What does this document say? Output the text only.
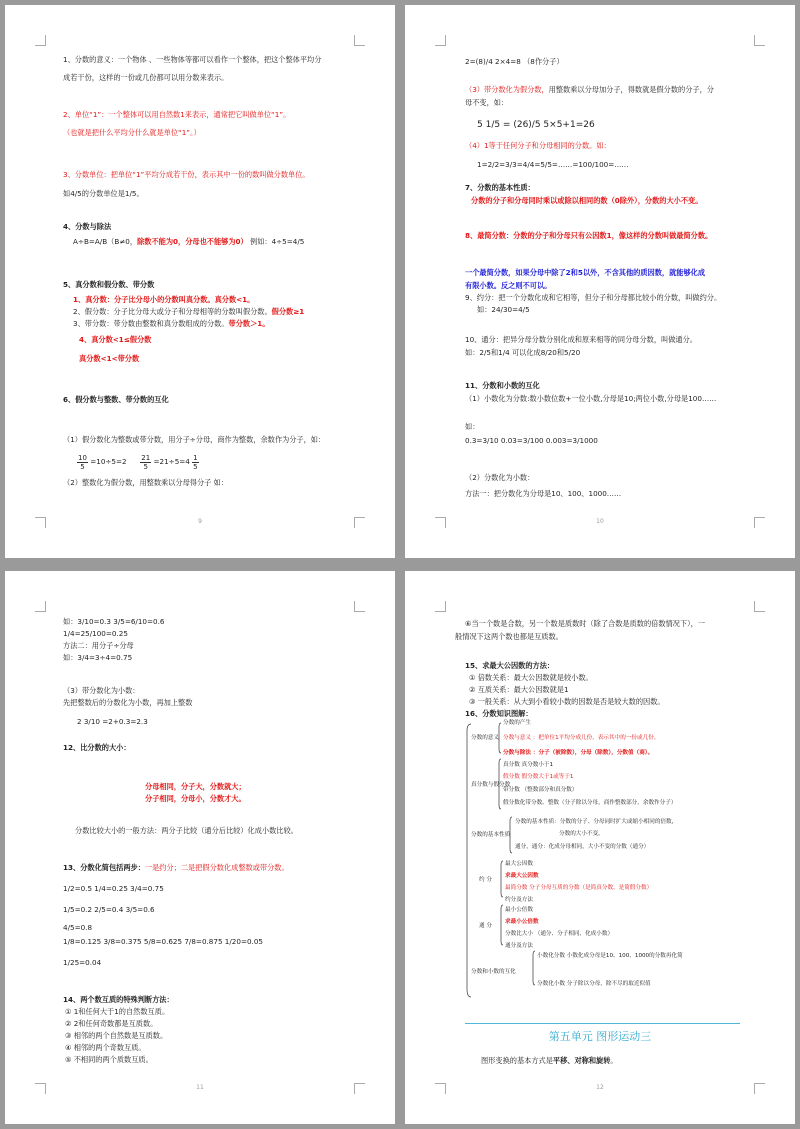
1、分数的意义：一个物体 、一些物体等都可以看作一个整体，把这个整体平均分
成若干份，这样的一份或几份都可以用分数来表示。
2、单位“1”：一个整体可以用自然数1来表示，通常把它叫做单位“1”。
（也就是把什么平均分什么就是单位“1”。）
3、分数单位：把单位“1”平均分成若干份，表示其中一份的数叫做分数单位。
如4/5的分数单位是1/5。
4、分数与除法
A÷B=A/B（B≠0，除数不能为0，分母也不能够为0） 例如：4÷5=4/5
5、真分数和假分数、带分数
1、真分数：分子比分母小的分数叫真分数。真分数<1。
2、假分数：分子比分母大或分子和分母相等的分数叫假分数。假分数≥1
3、带分数：带分数由整数和真分数组成的分数。带分数＞1。
4、真分数<1≤假分数
真分数<1<带分数
6、假分数与整数、带分数的互化
（1）假分数化为整数或带分数，用分子÷分母，商作为整数，余数作为分子，如：
$\frac{10}{5} =10\div 5=2 \frac{21}{5} =21\div 5=4 \frac{1}{5}$
（2）整数化为假分数，用整数乘以分母得分子 如：
9
2=(8)/4 2×4=8 （8作分子）
（3）带分数化为假分数，用整数乘以分母加分子，得数就是假分数的分子，分
母不变，如：
5 1/5 = (26)/5 5×5+1=26
（4）1等于任何分子和分母相同的分数。如：
1=2/2=3/3=4/4=5/5=……=100/100=……
7、分数的基本性质：
分数的分子和分母同时乘以或除以相同的数（0除外），分数的大小不变。
8、最简分数：分数的分子和分母只有公因数1，像这样的分数叫做最简分数。
一个最简分数，如果分母中除了2和5以外，不含其他的质因数，就能够化成
有限小数。反之则不可以。
9、约分：把一个分数化成和它相等，但分子和分母都比较小的分数，叫做约分。
如：24/30=4/5
10、通分：把异分母分数分别化成和原来相等的同分母分数，叫做通分。
如：2/5和1/4 可以化成8/20和5/20
11、分数和小数的互化
（1）小数化为分数:数小数位数+一位小数,分母是10;两位小数,分母是100……
如：
0.3=3/10 0.03=3/100 0.003=3/1000
（2）分数化为小数：
方法一：把分数化为分母是10、100、1000……
10
如：3/10=0.3 3/5=6/10=0.6
1/4=25/100=0.25
方法二：用分子÷分母
如：3/4=3÷4=0.75
（3）带分数化为小数：
先把整数后的分数化为小数，再加上整数
2 3/10 =2+0.3=2.3
12、比分数的大小：
分母相同，分子大，分数就大；
分子相同，分母小，分数才大。
分数比较大小的一般方法：两分子比较（通分后比较）化成小数比较。
13、分数化简包括两步：一是约分；二是把假分数化成整数或带分数。
1/2=0.5 1/4=0.25 3/4=0.75
1/5=0.2 2/5=0.4 3/5=0.6
4/5=0.8
1/8=0.125 3/8=0.375 5/8=0.625 7/8=0.875 1/20=0.05
1/25=0.04
14、两个数互质的特殊判断方法：
① 1和任何大于1的自然数互质。
② 2和任何奇数都是互质数。
③ 相邻的两个自然数是互质数。
④ 相邻的两个奇数互质。
⑤ 不相同的两个质数互质。
11
⑥当一个数是合数，另一个数是质数时（除了合数是质数的倍数情况下），一
般情况下这两个数也都是互质数。
15、求最大公因数的方法：
① 倍数关系：最大公因数就是较小数。
② 互质关系：最大公因数就是1
③ 一般关系：从大到小看较小数的因数是否是较大数的因数。
16、分数知识图解：
分数的意义
分数的产生
分数与意义 ：把单位1平均分成几份，表示其中的一份或几份。
分数与除法 ：分子（被除数），分母（除数），分数值（商）。
真分数与假分数
真分数 真分数小于1
假分数 假分数大于1或等于1
带分数 （整数部分和真分数）
假分数化带分数、整数（分子除以分母，商作整数部分，余数作分子）
分数的基本性质
分数的基本性质：分数的分子、分母同时扩大或缩小相同的倍数，
分数的大小不变。
通分，通分：化成分母相同，大小不变的分数（通分）
约 分
最大公因数
求最大公因数
最简分数 分子分母互质的分数（是简真分数、是简假分数）
约分及方法
通 分
最小公倍数
求最小公倍数
分数比大小 （通分、分子相同、化成小数）
通分及方法
分数和小数的互化
小数化分数 小数化成分母是10、100、1000的分数再化简
分数化小数 分子除以分母，除不尽的取近似值
第五单元 图形运动三
图形变换的基本方式是平移、对称和旋转。
12
